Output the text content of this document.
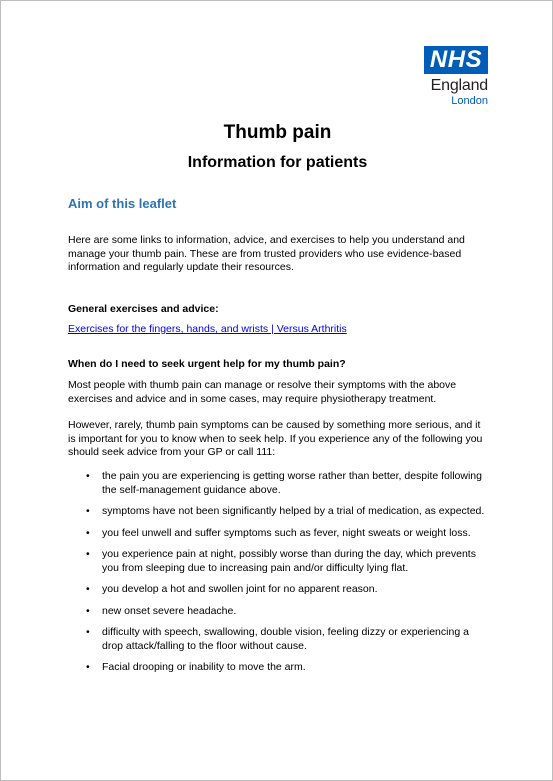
NHS
England
London
Thumb pain
Information for patients
Aim of this leaflet
Here are some links to information, advice, and exercises to help you understand and manage your thumb pain. These are from trusted providers who use evidence-based information and regularly update their resources.
General exercises and advice:
Exercises for the fingers, hands, and wrists | Versus Arthritis
When do I need to seek urgent help for my thumb pain?
Most people with thumb pain can manage or resolve their symptoms with the above exercises and advice and in some cases, may require physiotherapy treatment.
However, rarely, thumb pain symptoms can be caused by something more serious, and it is important for you to know when to seek help. If you experience any of the following you should seek advice from your GP or call 111:
• the pain you are experiencing is getting worse rather than better, despite following the self-management guidance above.
• symptoms have not been significantly helped by a trial of medication, as expected.
• you feel unwell and suffer symptoms such as fever, night sweats or weight loss.
• you experience pain at night, possibly worse than during the day, which prevents you from sleeping due to increasing pain and/or difficulty lying flat.
• you develop a hot and swollen joint for no apparent reason.
• new onset severe headache.
• difficulty with speech, swallowing, double vision, feeling dizzy or experiencing a drop attack/falling to the floor without cause.
• Facial drooping or inability to move the arm.
